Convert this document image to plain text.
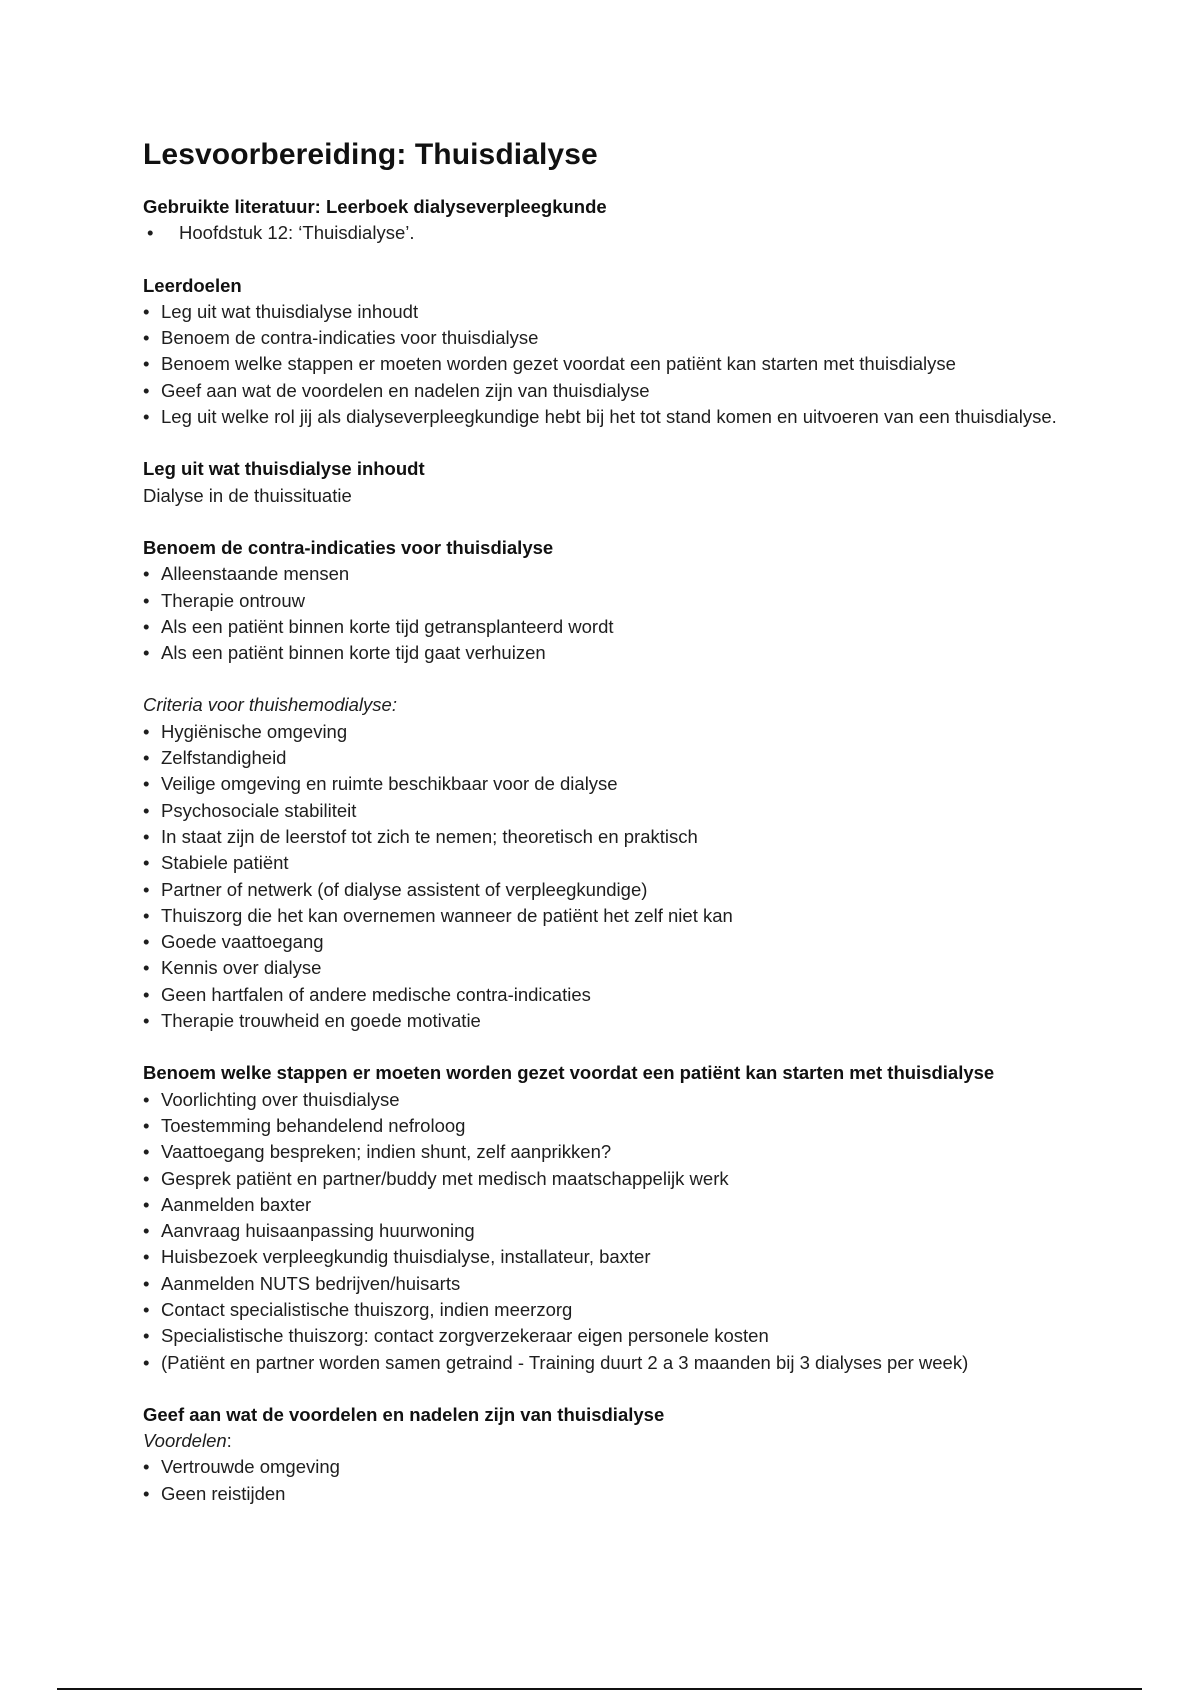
Lesvoorbereiding: Thuisdialyse
Gebruikte literatuur: Leerboek dialyseverpleegkunde
• Hoofdstuk 12: ‘Thuisdialyse’.
Leerdoelen
• Leg uit wat thuisdialyse inhoudt
• Benoem de contra-indicaties voor thuisdialyse
• Benoem welke stappen er moeten worden gezet voordat een patiënt kan starten met thuisdialyse
• Geef aan wat de voordelen en nadelen zijn van thuisdialyse
• Leg uit welke rol jij als dialyseverpleegkundige hebt bij het tot stand komen en uitvoeren van een thuisdialyse.
Leg uit wat thuisdialyse inhoudt
Dialyse in de thuissituatie
Benoem de contra-indicaties voor thuisdialyse
• Alleenstaande mensen
• Therapie ontrouw
• Als een patiënt binnen korte tijd getransplanteerd wordt
• Als een patiënt binnen korte tijd gaat verhuizen
Criteria voor thuishemodialyse:
• Hygiënische omgeving
• Zelfstandigheid
• Veilige omgeving en ruimte beschikbaar voor de dialyse
• Psychosociale stabiliteit
• In staat zijn de leerstof tot zich te nemen; theoretisch en praktisch
• Stabiele patiënt
• Partner of netwerk (of dialyse assistent of verpleegkundige)
• Thuiszorg die het kan overnemen wanneer de patiënt het zelf niet kan
• Goede vaattoegang
• Kennis over dialyse
• Geen hartfalen of andere medische contra-indicaties
• Therapie trouwheid en goede motivatie
Benoem welke stappen er moeten worden gezet voordat een patiënt kan starten met thuisdialyse
• Voorlichting over thuisdialyse
• Toestemming behandelend nefroloog
• Vaattoegang bespreken; indien shunt, zelf aanprikken?
• Gesprek patiënt en partner/buddy met medisch maatschappelijk werk
• Aanmelden baxter
• Aanvraag huisaanpassing huurwoning
• Huisbezoek verpleegkundig thuisdialyse, installateur, baxter
• Aanmelden NUTS bedrijven/huisarts
• Contact specialistische thuiszorg, indien meerzorg
• Specialistische thuiszorg: contact zorgverzekeraar eigen personele kosten
• (Patiënt en partner worden samen getraind - Training duurt 2 a 3 maanden bij 3 dialyses per week)
Geef aan wat de voordelen en nadelen zijn van thuisdialyse
Voordelen:
• Vertrouwde omgeving
• Geen reistijden
